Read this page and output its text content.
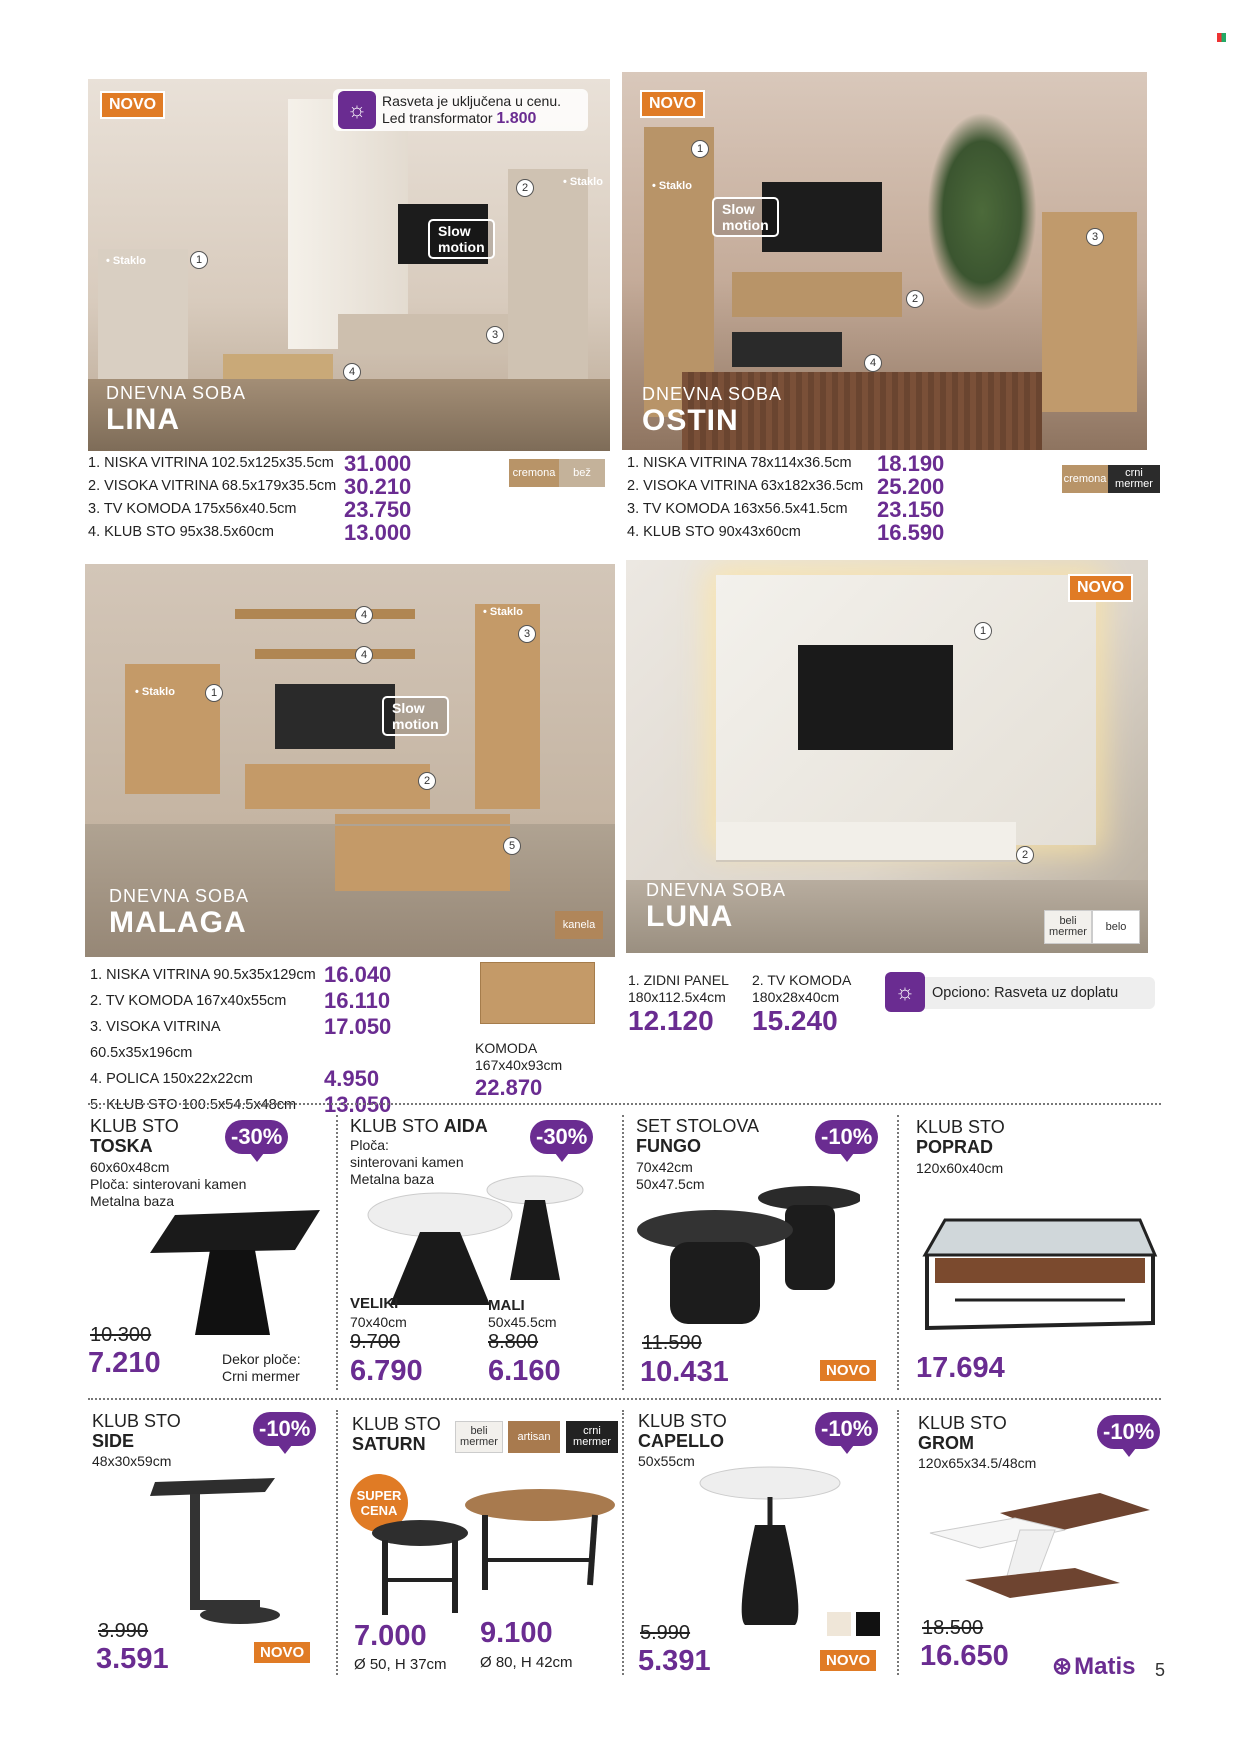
NOVO	☼	Rasveta je uključena u cenu.
Led transformator 1.800
Slow
motion
• Staklo
• Staklo
1
2
3
4
DNEVNA SOBA
LINA
1. NISKA VITRINA 102.5x125x35.5cm 31.000
2. VISOKA VITRINA 68.5x179x35.5cm 30.210
3. TV KOMODA 175x56x40.5cm	23.750
4. KLUB STO 95x38.5x60cm	13.000
cremona	bež
NOVO
• Staklo
Slow
motion
1
2
3
4
DNEVNA SOBA
OSTIN
1. NISKA VITRINA 78x114x36.5cm	18.190
2. VISOKA VITRINA 63x182x36.5cm 25.200
3. TV KOMODA 163x56.5x41.5cm	23.150
4. KLUB STO 90x43x60cm	16.590
cremona	crni mermer
• Staklo
• Staklo
Slow
motion
1
2
3
4
4
5
kanela
DNEVNA SOBA
MALAGA
1. NISKA VITRINA 90.5x35x129cm 16.040
2. TV KOMODA 167x40x55cm	16.110
3. VISOKA VITRINA 60.5x35x196cm
17.050
4. POLICA 150x22x22cm	4.950
5. KLUB STO 100.5x54.5x48cm	13.050
KOMODA
167x40x93cm
22.870
NOVO
1
2
beli mermer	belo
DNEVNA SOBA
LUNA
1. ZIDNI PANEL
180x112.5x4cm
12.120
2. TV KOMODA
180x28x40cm
15.240
☼	Opciono: Rasveta uz doplatu
KLUB STO
TOSKA
60x60x48cm
Ploča: sinterovani kamen
Metalna baza
-30%
10.300
7.210	Dekor ploče:
Crni mermer
KLUB STO AIDA
Ploča:
sinterovani kamen
Metalna baza
-30%
VELIKI
70x40cm
9.700
6.790
MALI
50x45.5cm
8.800
6.160
SET STOLOVA
FUNGO
70x42cm
50x47.5cm
-10%
11.590
10.431	NOVO
KLUB STO
POPRAD
120x60x40cm
17.694
KLUB STO
SIDE
48x30x59cm
-10%
3.990
3.591	NOVO
KLUB STO
SATURN
beli mermer	artisan	crni mermer
SUPER
CENA
7.000
Ø 50, H 37cm
9.100
Ø 80, H 42cm
KLUB STO
CAPELLO
50x55cm
-10%
5.990
5.391	NOVO
KLUB STO
GROM
120x65x34.5/48cm
-10%
18.500
16.650 ⊛ Matis 5
